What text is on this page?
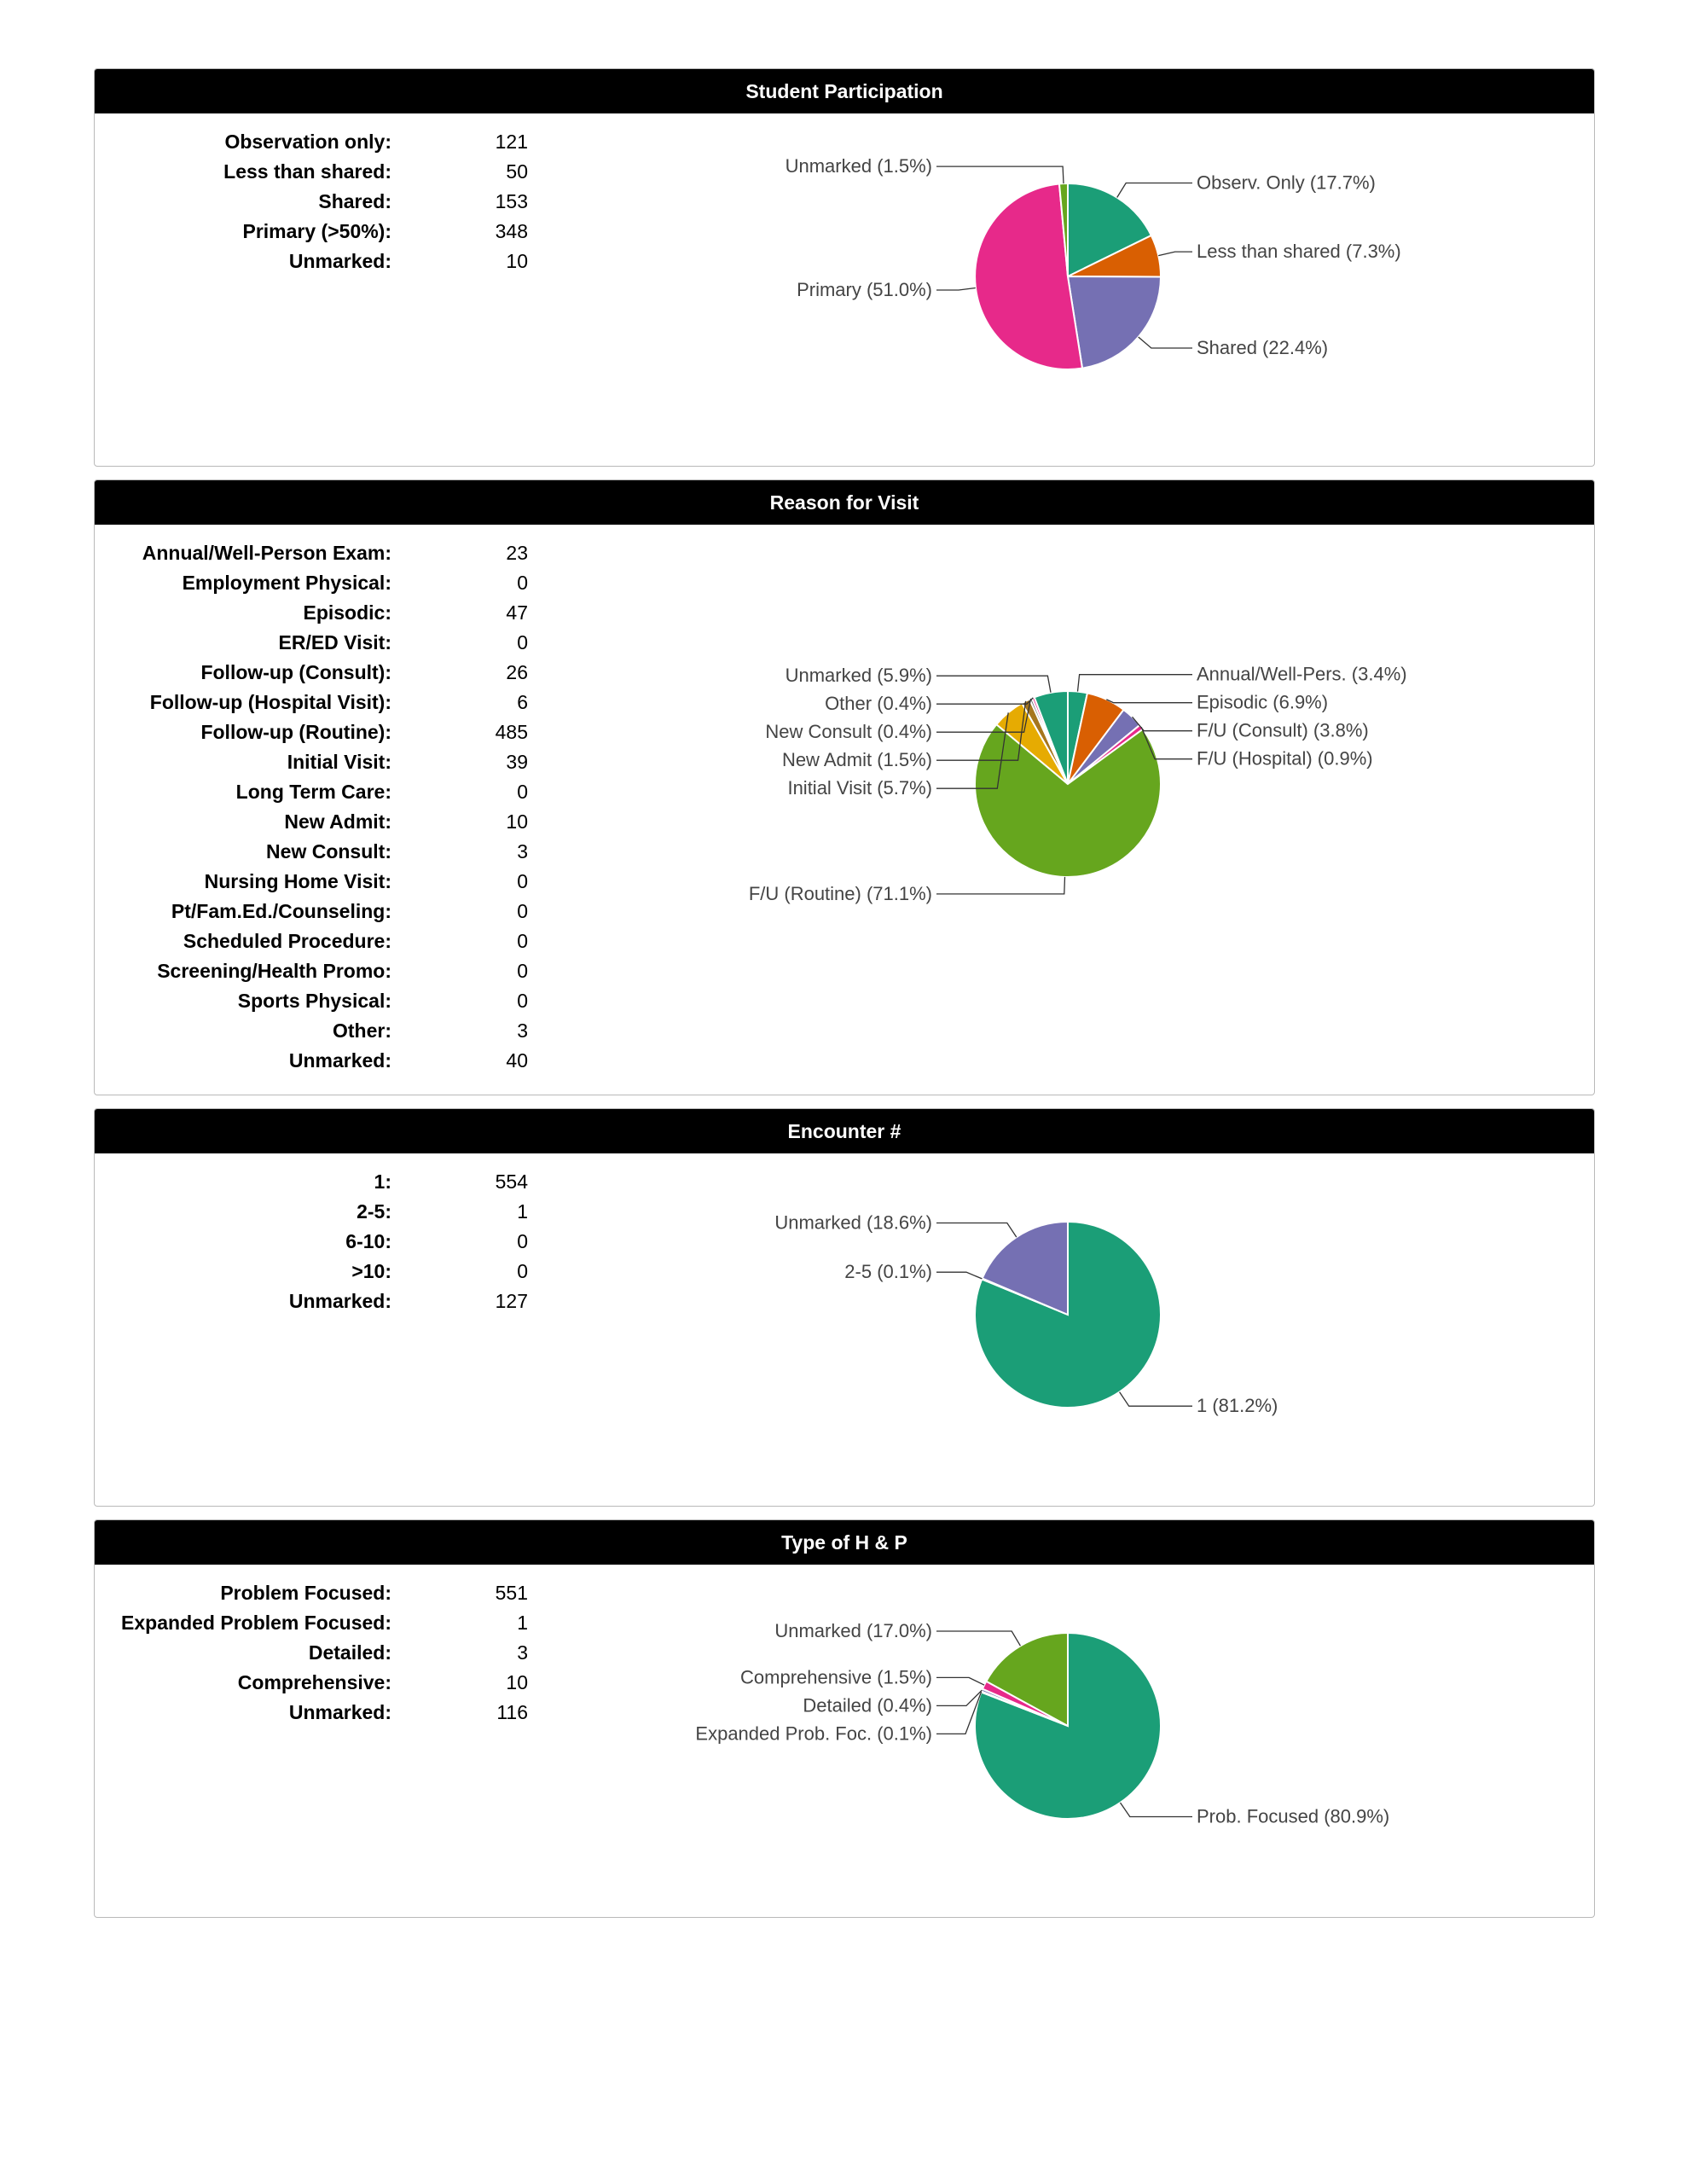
Student Participation
Observation only:	121
Less than shared:	50
Shared:	153
Primary (>50%):	348
Unmarked:	10
Observ. Only (17.7%)
Less than shared (7.3%)
Shared (22.4%)
Unmarked (1.5%)
Primary (51.0%)
Reason for Visit
Annual/Well-Person Exam:	23
Employment Physical:	0
Episodic:	47
ER/ED Visit:	0
Follow-up (Consult):	26
Follow-up (Hospital Visit):	6
Follow-up (Routine):	485
Initial Visit:	39
Long Term Care:	0
New Admit:	10
New Consult:	3
Nursing Home Visit:	0
Pt/Fam.Ed./Counseling:	0
Scheduled Procedure:	0
Screening/Health Promo:	0
Sports Physical:	0
Other:	3
Unmarked:	40
Annual/Well-Pers. (3.4%)
Episodic (6.9%)
F/U (Consult) (3.8%)
F/U (Hospital) (0.9%)
Unmarked (5.9%)
Other (0.4%)
New Consult (0.4%)
New Admit (1.5%)
Initial Visit (5.7%)
F/U (Routine) (71.1%)
Encounter #
1:	554
2-5:	1
6-10:	0
>10:	0
Unmarked:	127
1 (81.2%)
Unmarked (18.6%)
2-5 (0.1%)
Type of H & P
Problem Focused:	551
Expanded Problem Focused:	1
Detailed:	3
Comprehensive:	10
Unmarked:	116
Prob. Focused (80.9%)
Unmarked (17.0%)
Comprehensive (1.5%)
Detailed (0.4%)
Expanded Prob. Foc. (0.1%)
